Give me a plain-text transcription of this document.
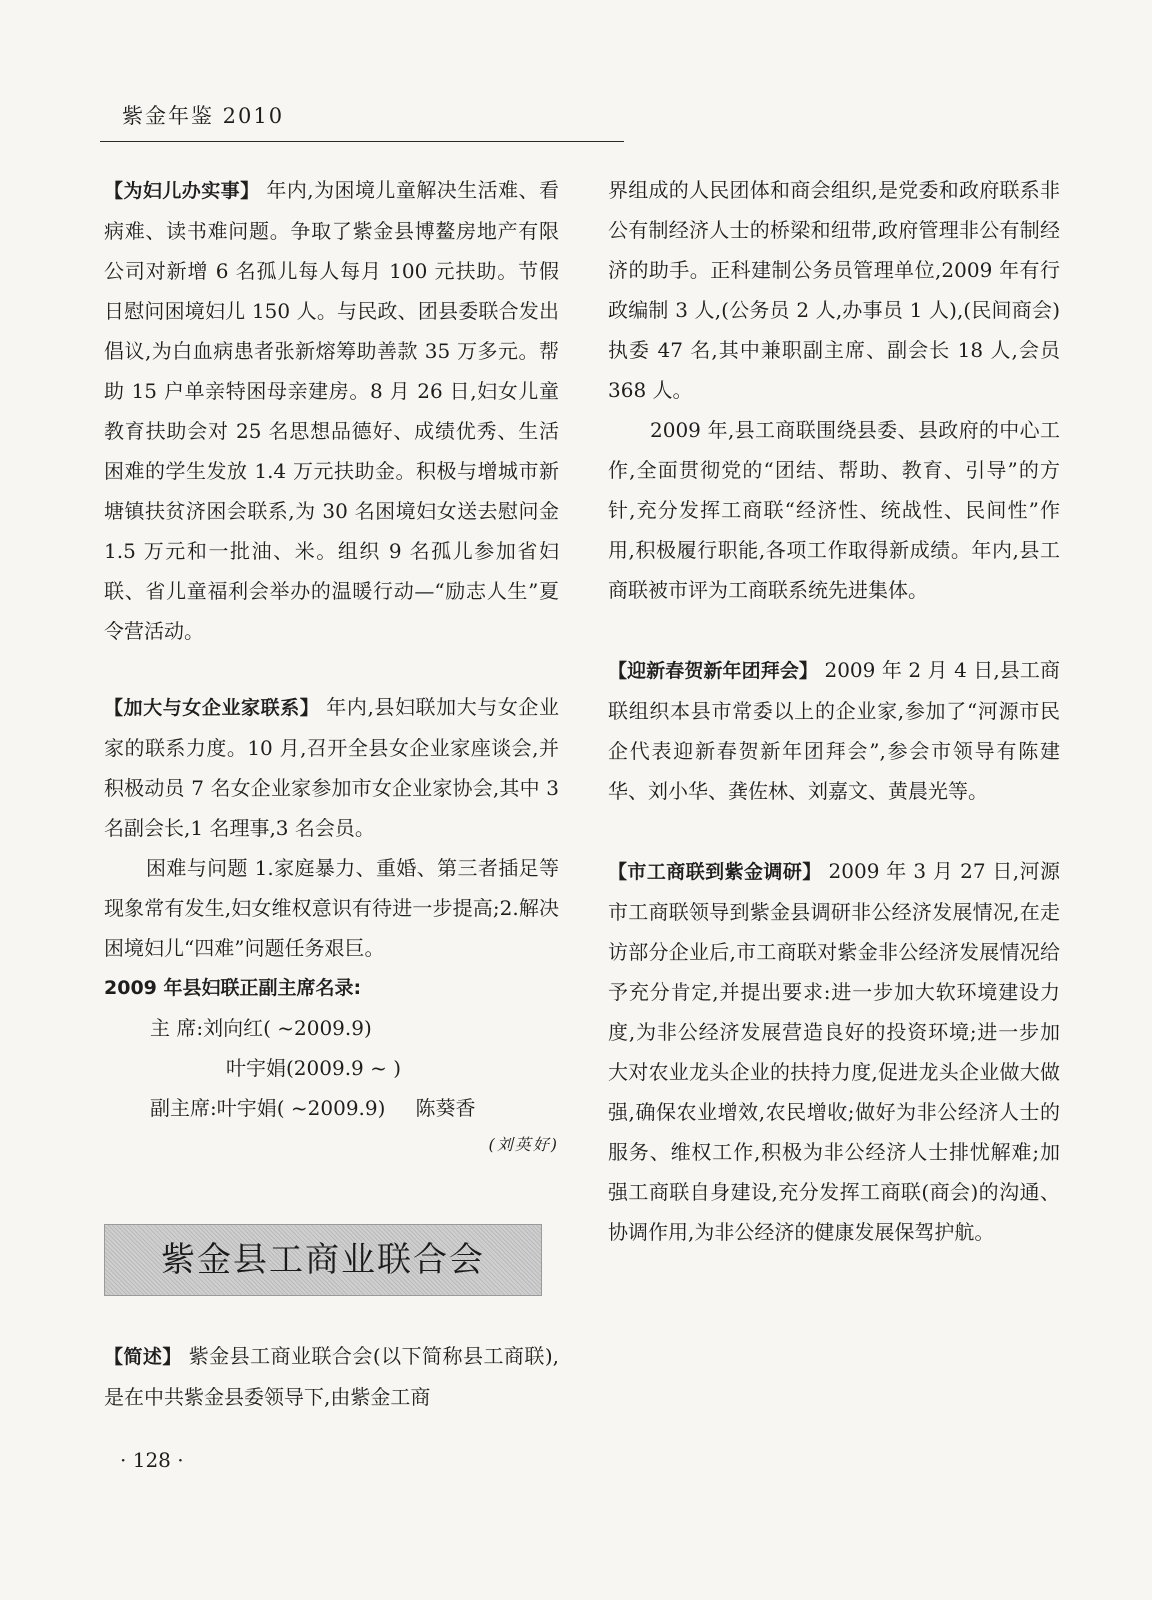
紫金年鉴 2010

【为妇儿办实事】 年内,为困境儿童解决生活难、看病难、读书难问题。争取了紫金县博鳌房地产有限公司对新增 6 名孤儿每人每月 100 元扶助。节假日慰问困境妇儿 150 人。与民政、团县委联合发出倡议,为白血病患者张新熔筹助善款 35 万多元。帮助 15 户单亲特困母亲建房。8 月 26 日,妇女儿童教育扶助会对 25 名思想品德好、成绩优秀、生活困难的学生发放 1.4 万元扶助金。积极与增城市新塘镇扶贫济困会联系,为 30 名困境妇女送去慰问金 1.5 万元和一批油、米。组织 9 名孤儿参加省妇联、省儿童福利会举办的温暖行动—“励志人生”夏令营活动。

【加大与女企业家联系】 年内,县妇联加大与女企业家的联系力度。10 月,召开全县女企业家座谈会,并积极动员 7 名女企业家参加市女企业家协会,其中 3 名副会长,1 名理事,3 名会员。

困难与问题 1.家庭暴力、重婚、第三者插足等现象常有发生,妇女维权意识有待进一步提高;2.解决困境妇儿“四难”问题任务艰巨。

2009 年县妇联正副主席名录:

主 席:刘向红( ~2009.9)

叶宇娟(2009.9 ~ )

副主席:叶宇娟( ~2009.9) 陈葵香

(刘英好)

紫金县工商业联合会

【简述】 紫金县工商业联合会(以下简称县工商联),是在中共紫金县委领导下,由紫金工商

界组成的人民团体和商会组织,是党委和政府联系非公有制经济人士的桥梁和纽带,政府管理非公有制经济的助手。正科建制公务员管理单位,2009 年有行政编制 3 人,(公务员 2 人,办事员 1 人),(民间商会)执委 47 名,其中兼职副主席、副会长 18 人,会员 368 人。

2009 年,县工商联围绕县委、县政府的中心工作,全面贯彻党的“团结、帮助、教育、引导”的方针,充分发挥工商联“经济性、统战性、民间性”作用,积极履行职能,各项工作取得新成绩。年内,县工商联被市评为工商联系统先进集体。

【迎新春贺新年团拜会】 2009 年 2 月 4 日,县工商联组织本县市常委以上的企业家,参加了“河源市民企代表迎新春贺新年团拜会”,参会市领导有陈建华、刘小华、龚佐林、刘嘉文、黄晨光等。

【市工商联到紫金调研】 2009 年 3 月 27 日,河源市工商联领导到紫金县调研非公经济发展情况,在走访部分企业后,市工商联对紫金非公经济发展情况给予充分肯定,并提出要求:进一步加大软环境建设力度,为非公经济发展营造良好的投资环境;进一步加大对农业龙头企业的扶持力度,促进龙头企业做大做强,确保农业增效,农民增收;做好为非公经济人士的服务、维权工作,积极为非公经济人士排忧解难;加强工商联自身建设,充分发挥工商联(商会)的沟通、协调作用,为非公经济的健康发展保驾护航。

· 128 ·
